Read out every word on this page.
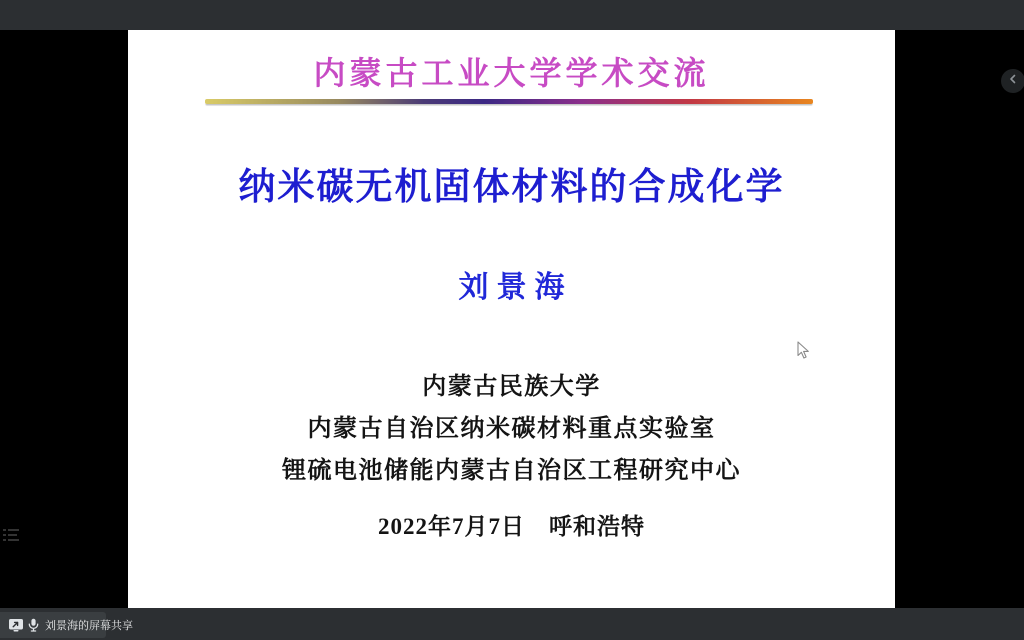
内蒙古工业大学学术交流
纳米碳无机固体材料的合成化学
刘景海
内蒙古民族大学
内蒙古自治区纳米碳材料重点实验室
锂硫电池储能内蒙古自治区工程研究中心
2022年7月7日　呼和浩特
刘景海的屏幕共享
